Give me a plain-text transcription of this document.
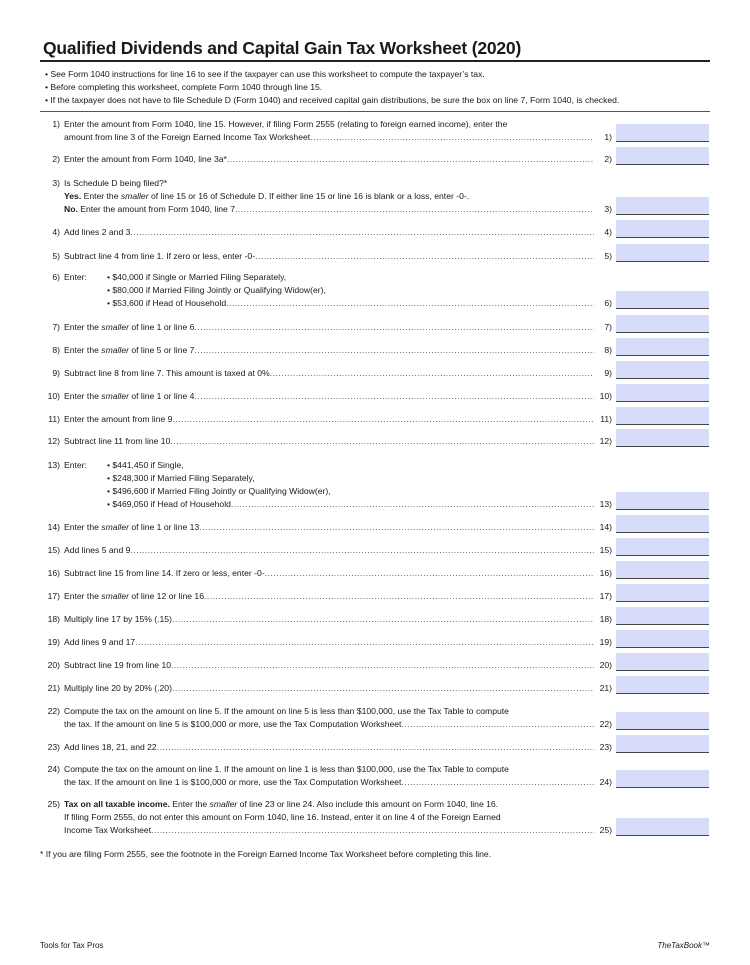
Qualified Dividends and Capital Gain Tax Worksheet (2020)
• See Form 1040 instructions for line 16 to see if the taxpayer can use this worksheet to compute the taxpayer’s tax.
• Before completing this worksheet, complete Form 1040 through line 15.
• If the taxpayer does not have to file Schedule D (Form 1040) and received capital gain distributions, be sure the box on line 7, Form 1040, is checked.
1) Enter the amount from Form 1040, line 15. However, if filing Form 2555 (relating to foreign earned income), enter the
amount from line 3 of the Foreign Earned Income Tax Worksheet .....	1)
2) Enter the amount from Form 1040, line 3a* .....	2)
3) Is Schedule D being filed?*
Yes. Enter the smaller of line 15 or 16 of Schedule D. If either line 15 or line 16 is blank or a loss, enter -0-.
No. Enter the amount from Form 1040, line 7 .....	3)
4) Add lines 2 and 3 .....	4)
5) Subtract line 4 from line 1. If zero or less, enter -0- .....	5)
6) Enter: • $40,000 if Single or Married Filing Separately,
• $80,000 if Married Filing Jointly or Qualifying Widow(er),
• $53,600 if Head of Household .....	6)
7) Enter the smaller of line 1 or line 6 .....	7)
8) Enter the smaller of line 5 or line 7 .....	8)
9) Subtract line 8 from line 7. This amount is taxed at 0% .....	9)
10) Enter the smaller of line 1 or line 4 .....	10)
11) Enter the amount from line 9 .....	11)
12) Subtract line 11 from line 10 .....	12)
13) Enter: • $441,450 if Single,
• $248,300 if Married Filing Separately,
• $496,600 if Married Filing Jointly or Qualifying Widow(er),
• $469,050 if Head of Household .....	13)
14) Enter the smaller of line 1 or line 13 .....	14)
15) Add lines 5 and 9 .....	15)
16) Subtract line 15 from line 14. If zero or less, enter -0- .....	16)
17) Enter the smaller of line 12 or line 16 .....	17)
18) Multiply line 17 by 15% (.15) .....	18)
19) Add lines 9 and 17 .....	19)
20) Subtract line 19 from line 10 .....	20)
21) Multiply line 20 by 20% (.20) .....	21)
22) Compute the tax on the amount on line 5. If the amount on line 5 is less than $100,000, use the Tax Table to compute
the tax. If the amount on line 5 is $100,000 or more, use the Tax Computation Worksheet .....	22)
23) Add lines 18, 21, and 22 .....	23)
24) Compute the tax on the amount on line 1. If the amount on line 1 is less than $100,000, use the Tax Table to compute
the tax. If the amount on line 1 is $100,000 or more, use the Tax Computation Worksheet .....	24)
25) Tax on all taxable income. Enter the smaller of line 23 or line 24. Also include this amount on Form 1040, line 16.
If filing Form 2555, do not enter this amount on Form 1040, line 16. Instead, enter it on line 4 of the Foreign Earned
Income Tax Worksheet .....	25)
* If you are filing Form 2555, see the footnote in the Foreign Earned Income Tax Worksheet before completing this line.
Tools for Tax Pros	TheTaxBook™
